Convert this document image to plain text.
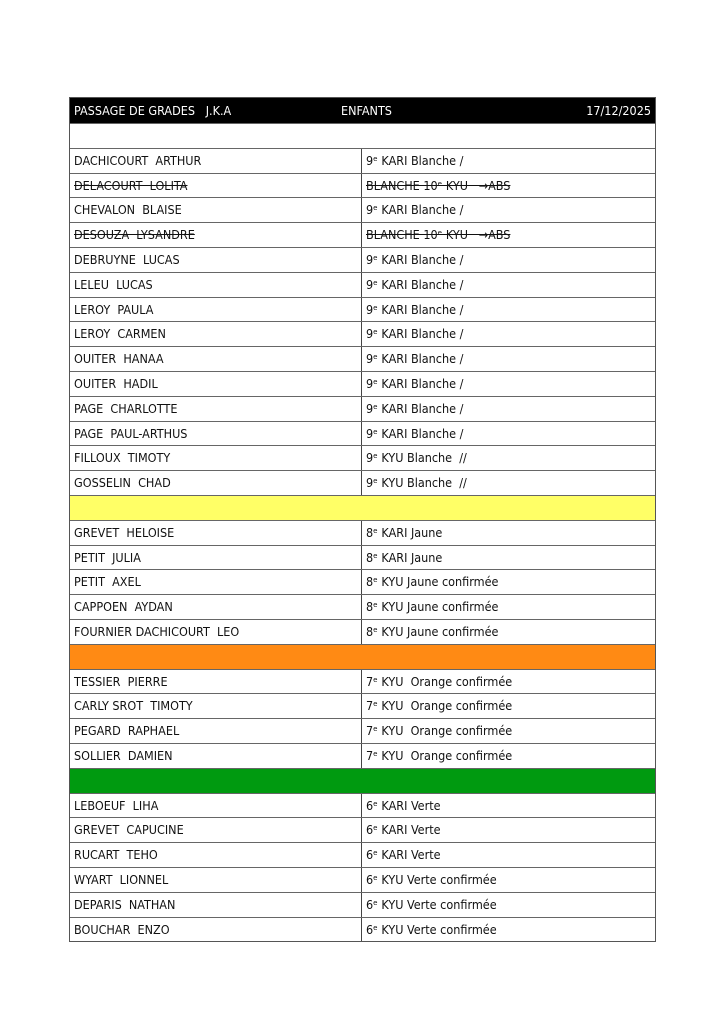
PASSAGE DE GRADES   J.K.A	ENFANTS	17/12/2025
DACHICOURT  ARTHUR	9ᵉ KARI Blanche /
DELACOURT  LOLITA	BLANCHE 10ᵉ KYU   →ABS
CHEVALON  BLAISE	9ᵉ KARI Blanche /
DESOUZA  LYSANDRE	BLANCHE 10ᵉ KYU   →ABS
DEBRUYNE  LUCAS	9ᵉ KARI Blanche /
LELEU  LUCAS	9ᵉ KARI Blanche /
LEROY  PAULA	9ᵉ KARI Blanche /
LEROY  CARMEN	9ᵉ KARI Blanche /
OUITER  HANAA	9ᵉ KARI Blanche /
OUITER  HADIL	9ᵉ KARI Blanche /
PAGE  CHARLOTTE	9ᵉ KARI Blanche /
PAGE  PAUL-ARTHUS	9ᵉ KARI Blanche /
FILLOUX  TIMOTY	9ᵉ KYU Blanche  //
GOSSELIN  CHAD	9ᵉ KYU Blanche  //
GREVET  HELOISE	8ᵉ KARI Jaune
PETIT  JULIA	8ᵉ KARI Jaune
PETIT  AXEL	8ᵉ KYU Jaune confirmée
CAPPOEN  AYDAN	8ᵉ KYU Jaune confirmée
FOURNIER DACHICOURT  LEO	8ᵉ KYU Jaune confirmée
TESSIER  PIERRE	7ᵉ KYU  Orange confirmée
CARLY SROT  TIMOTY	7ᵉ KYU  Orange confirmée
PEGARD  RAPHAEL	7ᵉ KYU  Orange confirmée
SOLLIER  DAMIEN	7ᵉ KYU  Orange confirmée
LEBOEUF  LIHA	6ᵉ KARI Verte
GREVET  CAPUCINE	6ᵉ KARI Verte
RUCART  TEHO	6ᵉ KARI Verte
WYART  LIONNEL	6ᵉ KYU Verte confirmée
DEPARIS  NATHAN	6ᵉ KYU Verte confirmée
BOUCHAR  ENZO	6ᵉ KYU Verte confirmée
